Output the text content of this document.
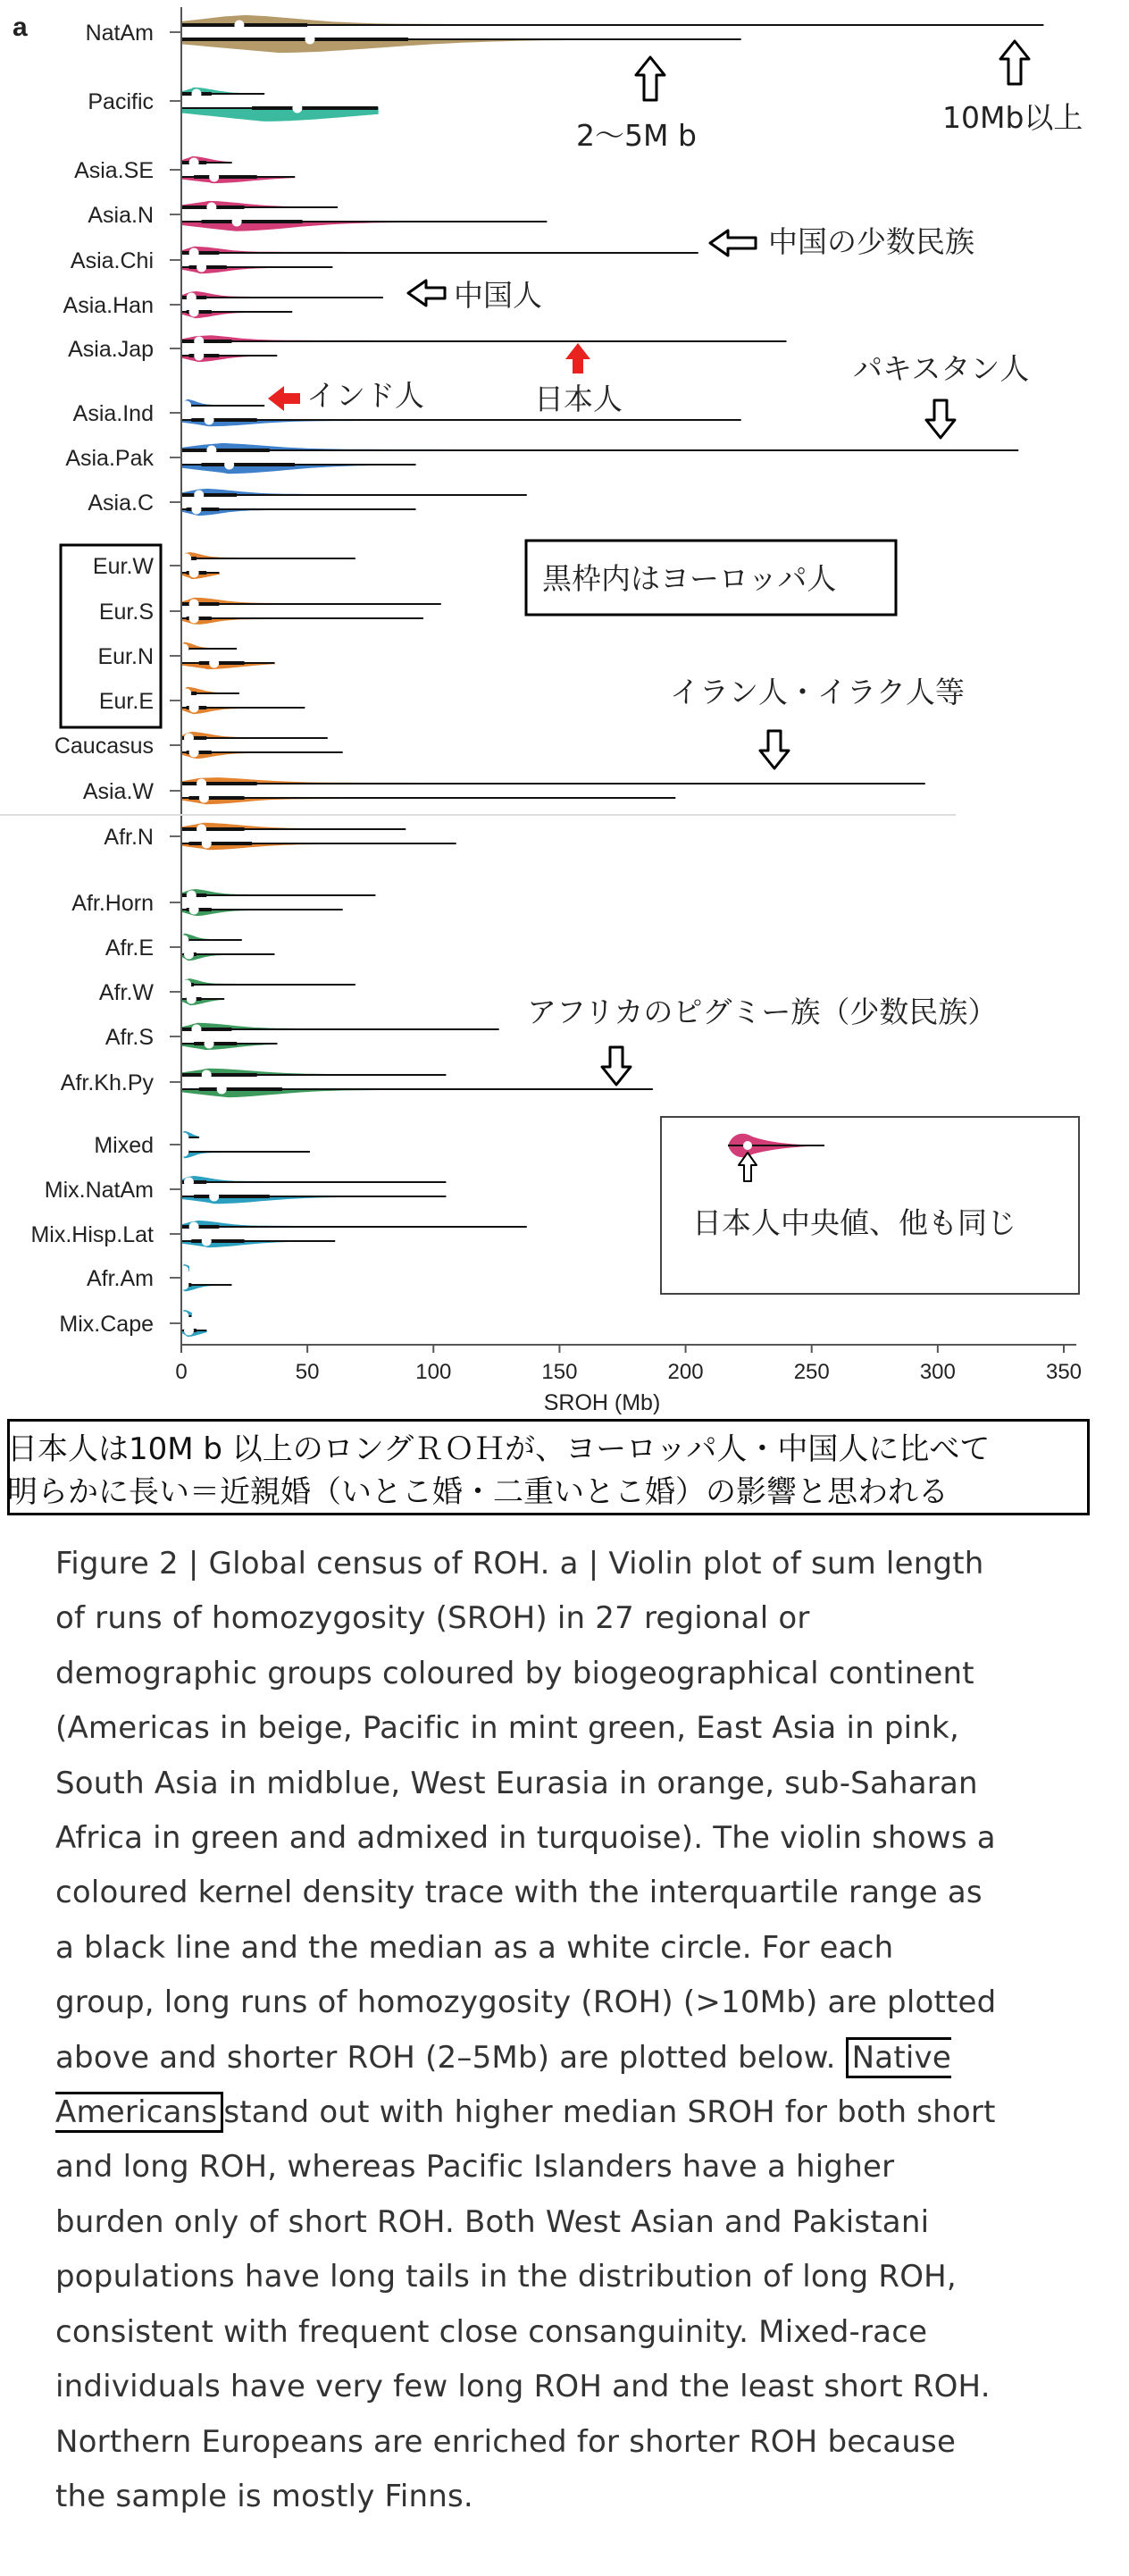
a
0	50	100	150	200	250	300	350
NatAm
Pacific
Asia.SE
Asia.N
Asia.Chi
Asia.Han
Asia.Jap
Asia.Ind
Asia.Pak
Asia.C
Eur.W
Eur.S
Eur.N
Eur.E
Caucasus
Asia.W
Afr.N
Afr.Horn
Afr.E
Afr.W
Afr.S
Afr.Kh.Py
Mixed
Mix.NatAm
Mix.Hisp.Lat
Afr.Am
Mix.Cape
SROH (Mb)
2～5M b
10Mb以上
中国の少数民族
中国人
日本人
インド人
パキスタン人
黒枠内はヨーロッパ人
イラン人・イラク人等
アフリカのピグミー族（少数民族）
日本人中央値、他も同じ
日本人は10M b 以上のロングＲＯＨが、ヨーロッパ人・中国人に比べて
明らかに長い＝近親婚（いとこ婚・二重いとこ婚）の影響と思われる
Figure 2 | Global census of ROH. a | Violin plot of sum length of runs of homozygosity (SROH) in 27 regional or demographic groups coloured by biogeographical continent (Americas in beige, Pacific in mint green, East Asia in pink, South Asia in midblue, West Eurasia in orange, sub-Saharan Africa in green and admixed in turquoise). The violin shows a coloured kernel density trace with the interquartile range as a black line and the median as a white circle. For each group, long runs of homozygosity (ROH) (>10Mb) are plotted above and shorter ROH (2–5Mb) are plotted below. Native Americans stand out with higher median SROH for both short and long ROH, whereas Pacific Islanders have a higher burden only of short ROH. Both West Asian and Pakistani populations have long tails in the distribution of long ROH, consistent with frequent close consanguinity. Mixed-race individuals have very few long ROH and the least short ROH. Northern Europeans are enriched for shorter ROH because the sample is mostly Finns.
